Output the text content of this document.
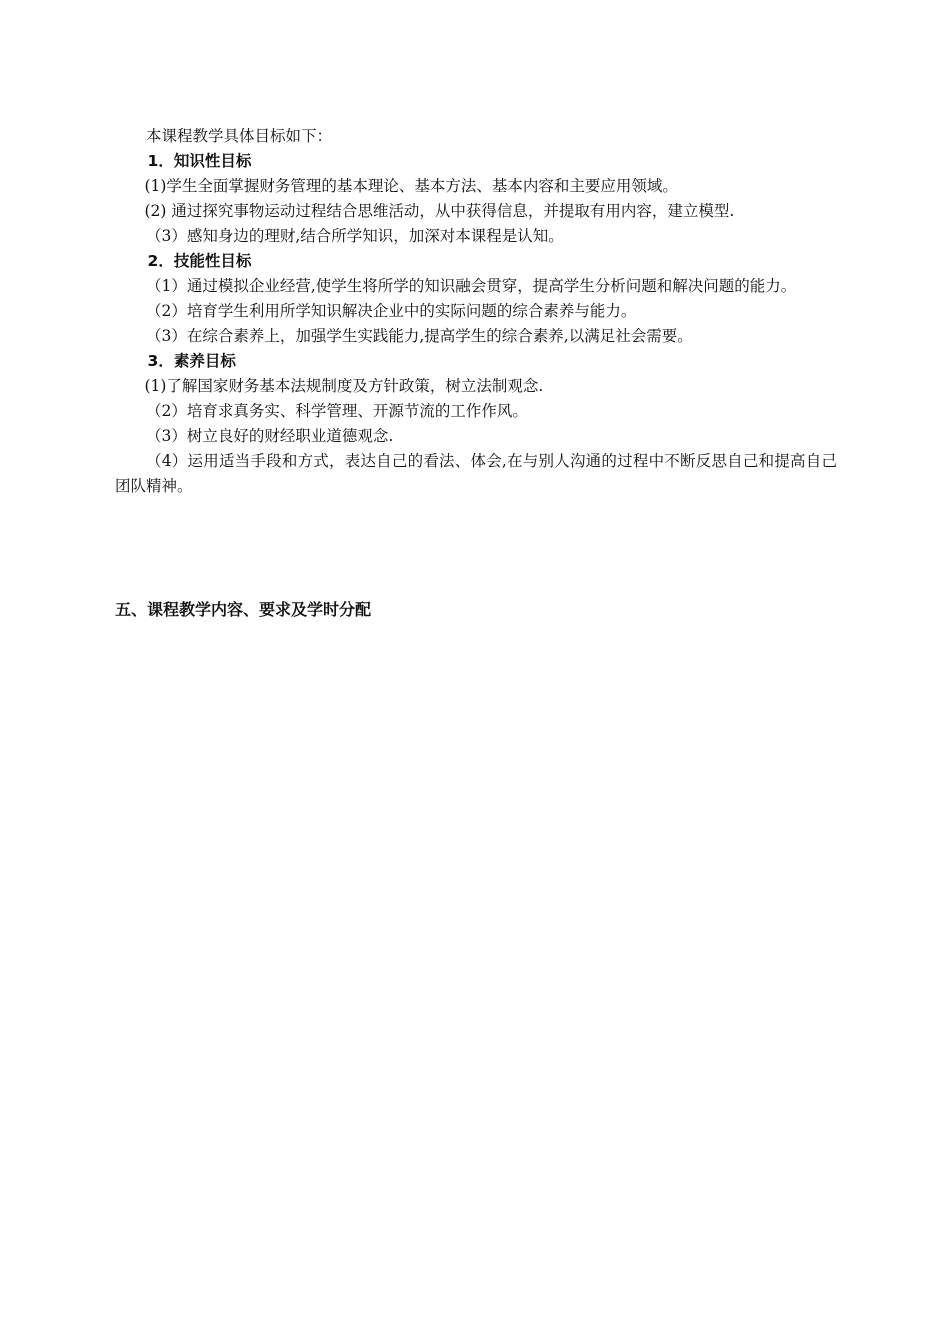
本课程教学具体目标如下：

1．知识性目标

(1)学生全面掌握财务管理的基本理论、基本方法、基本内容和主要应用领域。

(2) 通过探究事物运动过程结合思维活动，从中获得信息，并提取有用内容，建立模型.

（3）感知身边的理财,结合所学知识，加深对本课程是认知。

2．技能性目标

（1）通过模拟企业经营,使学生将所学的知识融会贯穿，提高学生分析问题和解决问题的能力。

（2）培育学生利用所学知识解决企业中的实际问题的综合素养与能力。

（3）在综合素养上，加强学生实践能力,提高学生的综合素养,以满足社会需要。

3．素养目标

(1)了解国家财务基本法规制度及方针政策，树立法制观念.

（2）培育求真务实、科学管理、开源节流的工作作风。

（3）树立良好的财经职业道德观念.

（4）运用适当手段和方式，表达自己的看法、体会,在与别人沟通的过程中不断反思自己和提高自己团队精神。

五、课程教学内容、要求及学时分配
